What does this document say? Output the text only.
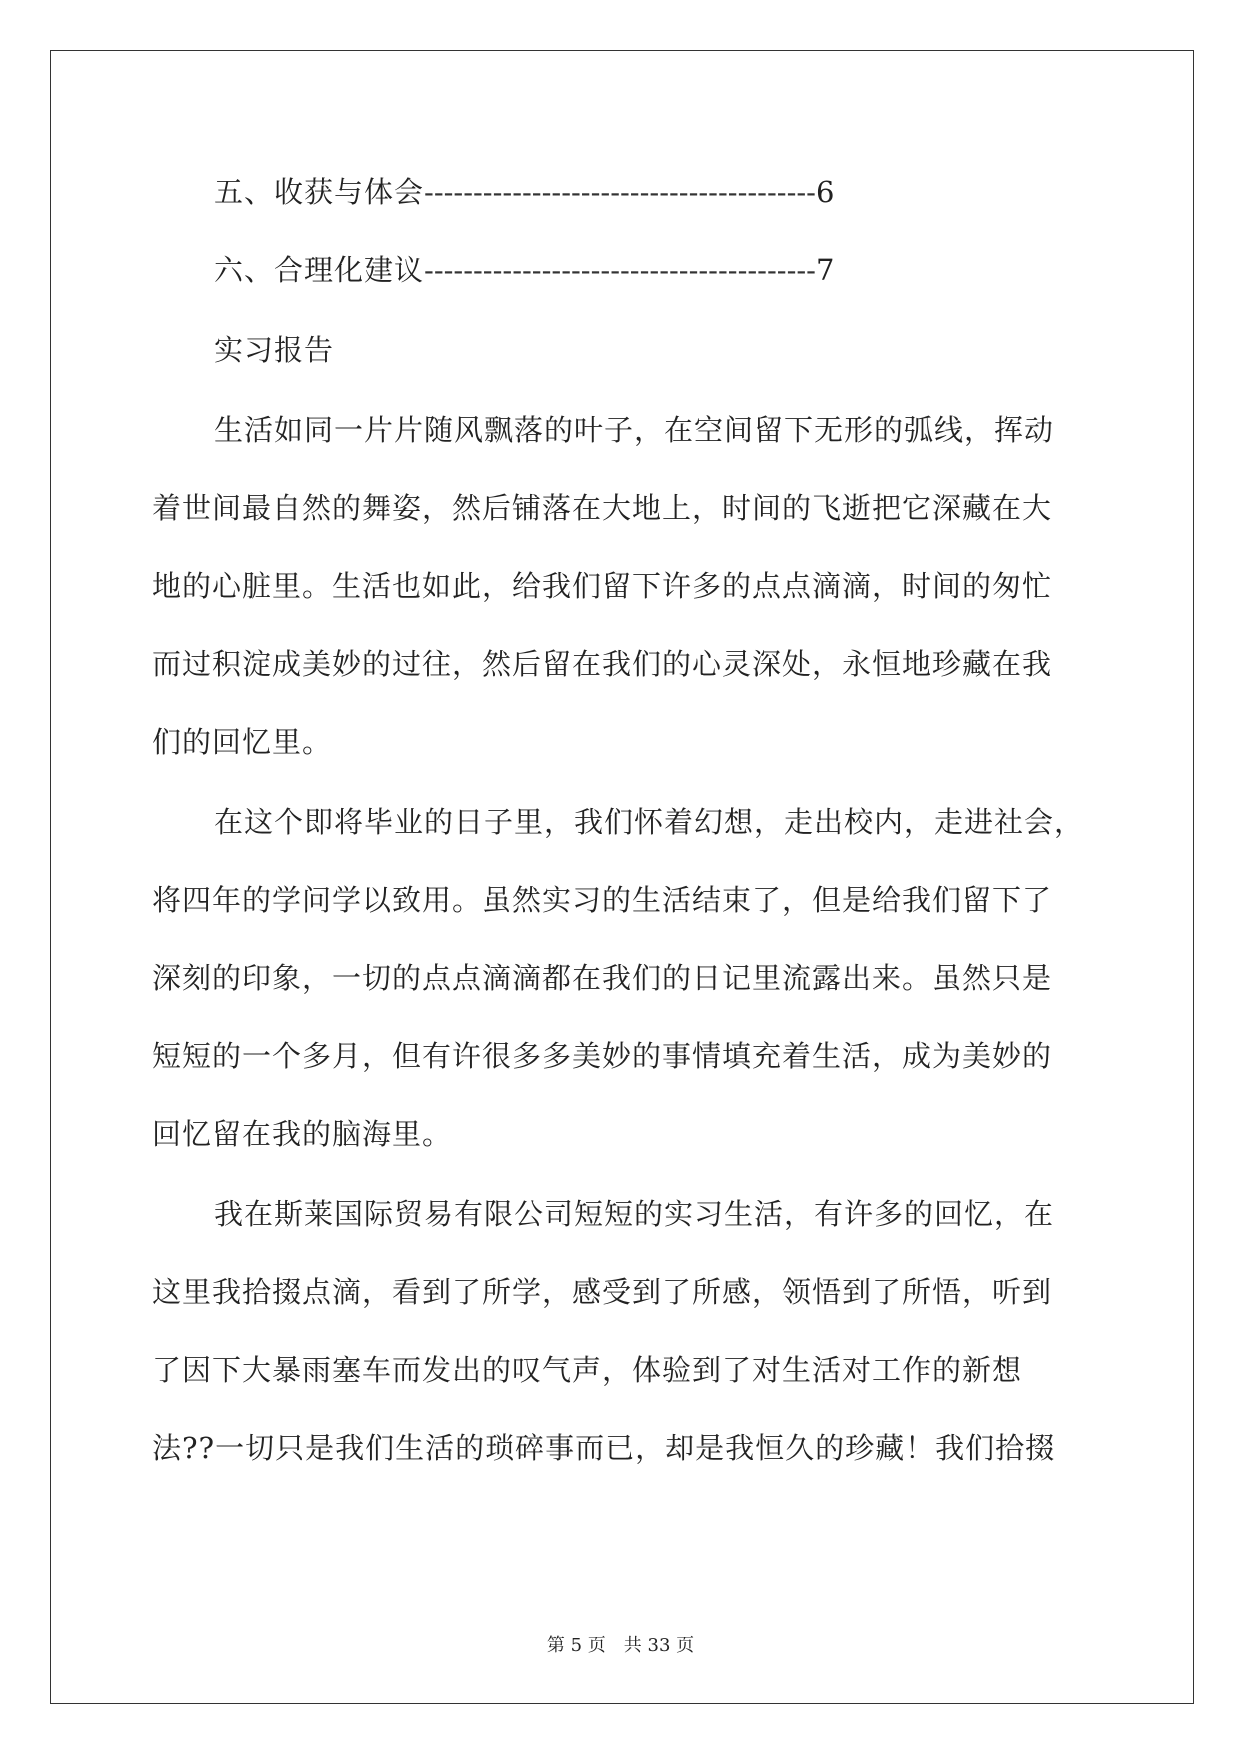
五、收获与体会 ---------------------------------------- 6
六、合理化建议 ---------------------------------------- 7
实习报告
生活如同一片片随风飘落的叶子，在空间留下无形的弧线，挥动
着世间最自然的舞姿，然后铺落在大地上，时间的飞逝把它深藏在大
地的心脏里。生活也如此，给我们留下许多的点点滴滴，时间的匆忙
而过积淀成美妙的过往，然后留在我们的心灵深处，永恒地珍藏在我
们的回忆里。
在这个即将毕业的日子里，我们怀着幻想，走出校内，走进社会，
将四年的学问学以致用。虽然实习的生活结束了，但是给我们留下了
深刻的印象，一切的点点滴滴都在我们的日记里流露出来。虽然只是
短短的一个多月，但有许很多多美妙的事情填充着生活，成为美妙的
回忆留在我的脑海里。
我在斯莱国际贸易有限公司短短的实习生活，有许多的回忆，在
这里我拾掇点滴，看到了所学，感受到了所感，领悟到了所悟，听到
了因下大暴雨塞车而发出的叹气声，体验到了对生活对工作的新想
法??一切只是我们生活的琐碎事而已，却是我恒久的珍藏！我们拾掇
第 5 页　共 33 页
